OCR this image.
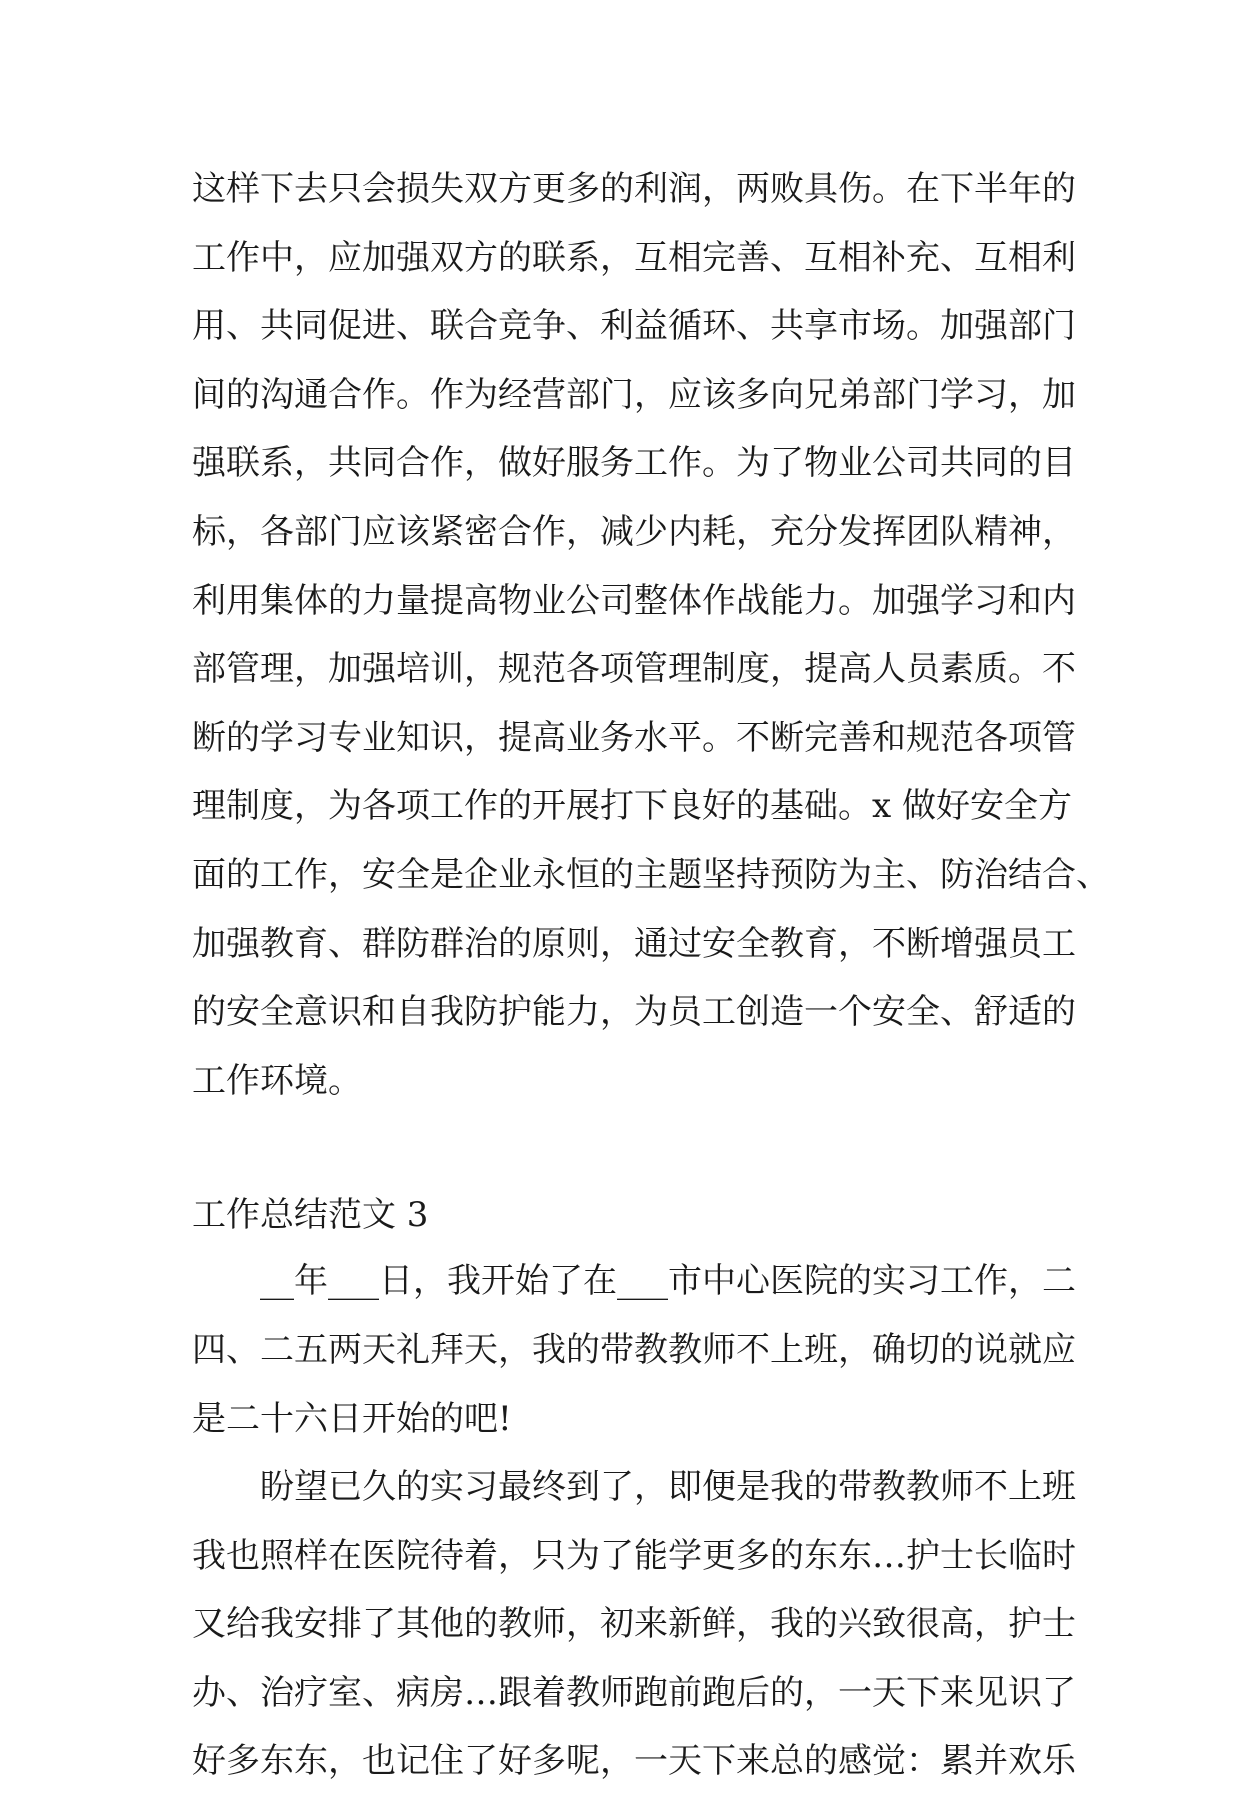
这样下去只会损失双方更多的利润，两败具伤。在下半年的
工作中，应加强双方的联系，互相完善、互相补充、互相利
用、共同促进、联合竞争、利益循环、共享市场。加强部门
间的沟通合作。作为经营部门，应该多向兄弟部门学习，加
强联系，共同合作，做好服务工作。为了物业公司共同的目
标，各部门应该紧密合作，减少内耗，充分发挥团队精神，
利用集体的力量提高物业公司整体作战能力。加强学习和内
部管理，加强培训，规范各项管理制度，提高人员素质。不
断的学习专业知识，提高业务水平。不断完善和规范各项管
理制度，为各项工作的开展打下良好的基础。x 做好安全方
面的工作，安全是企业永恒的主题坚持预防为主、防治结合、
加强教育、群防群治的原则，通过安全教育，不断增强员工
的安全意识和自我防护能力，为员工创造一个安全、舒适的
工作环境。
工作总结范文 3
__年___日，我开始了在___市中心医院的实习工作，二
四、二五两天礼拜天，我的带教教师不上班，确切的说就应
是二十六日开始的吧!
盼望已久的实习最终到了，即便是我的带教教师不上班
我也照样在医院待着，只为了能学更多的东东…护士长临时
又给我安排了其他的教师，初来新鲜，我的兴致很高，护士
办、治疗室、病房…跟着教师跑前跑后的，一天下来见识了
好多东东，也记住了好多呢，一天下来总的感觉：累并欢乐
